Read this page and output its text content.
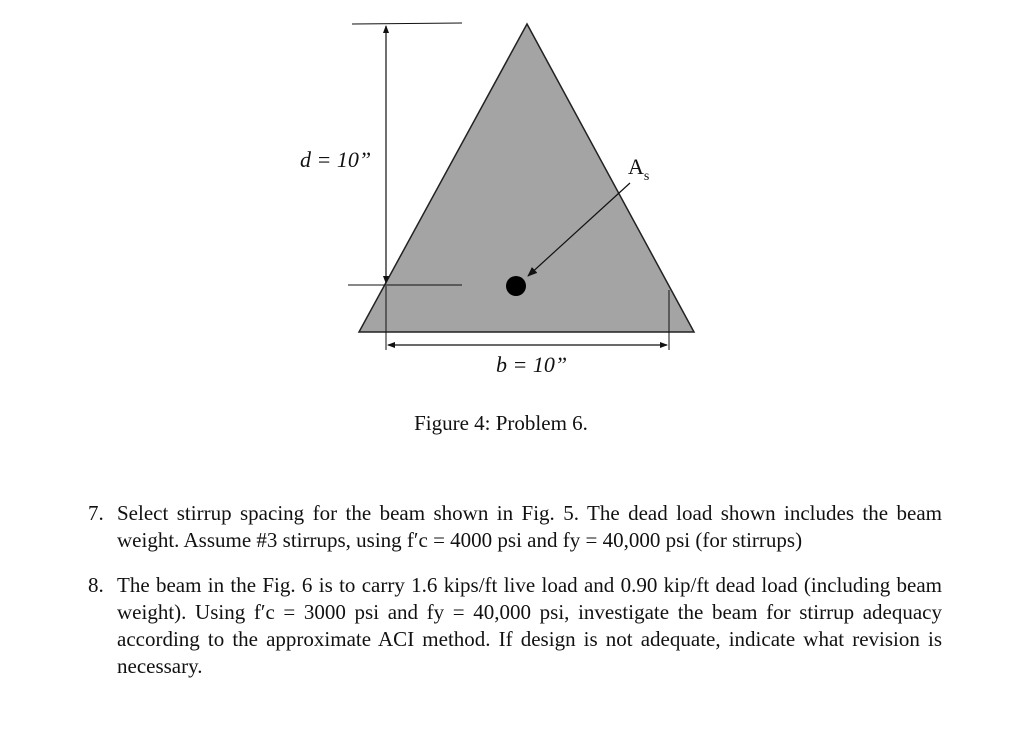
d = 10”
b = 10”
$A_s$
Figure 4: Problem 6.
7. Select stirrup spacing for the beam shown in Fig. 5. The dead load shown includes the beam weight. Assume #3 stirrups, using f′c = 4000 psi and fy = 40,000 psi (for stirrups)
8. The beam in the Fig. 6 is to carry 1.6 kips/ft live load and 0.90 kip/ft dead load (including beam weight). Using f′c = 3000 psi and fy = 40,000 psi, investigate the beam for stirrup adequacy according to the approximate ACI method. If design is not adequate, indicate what revision is necessary.
